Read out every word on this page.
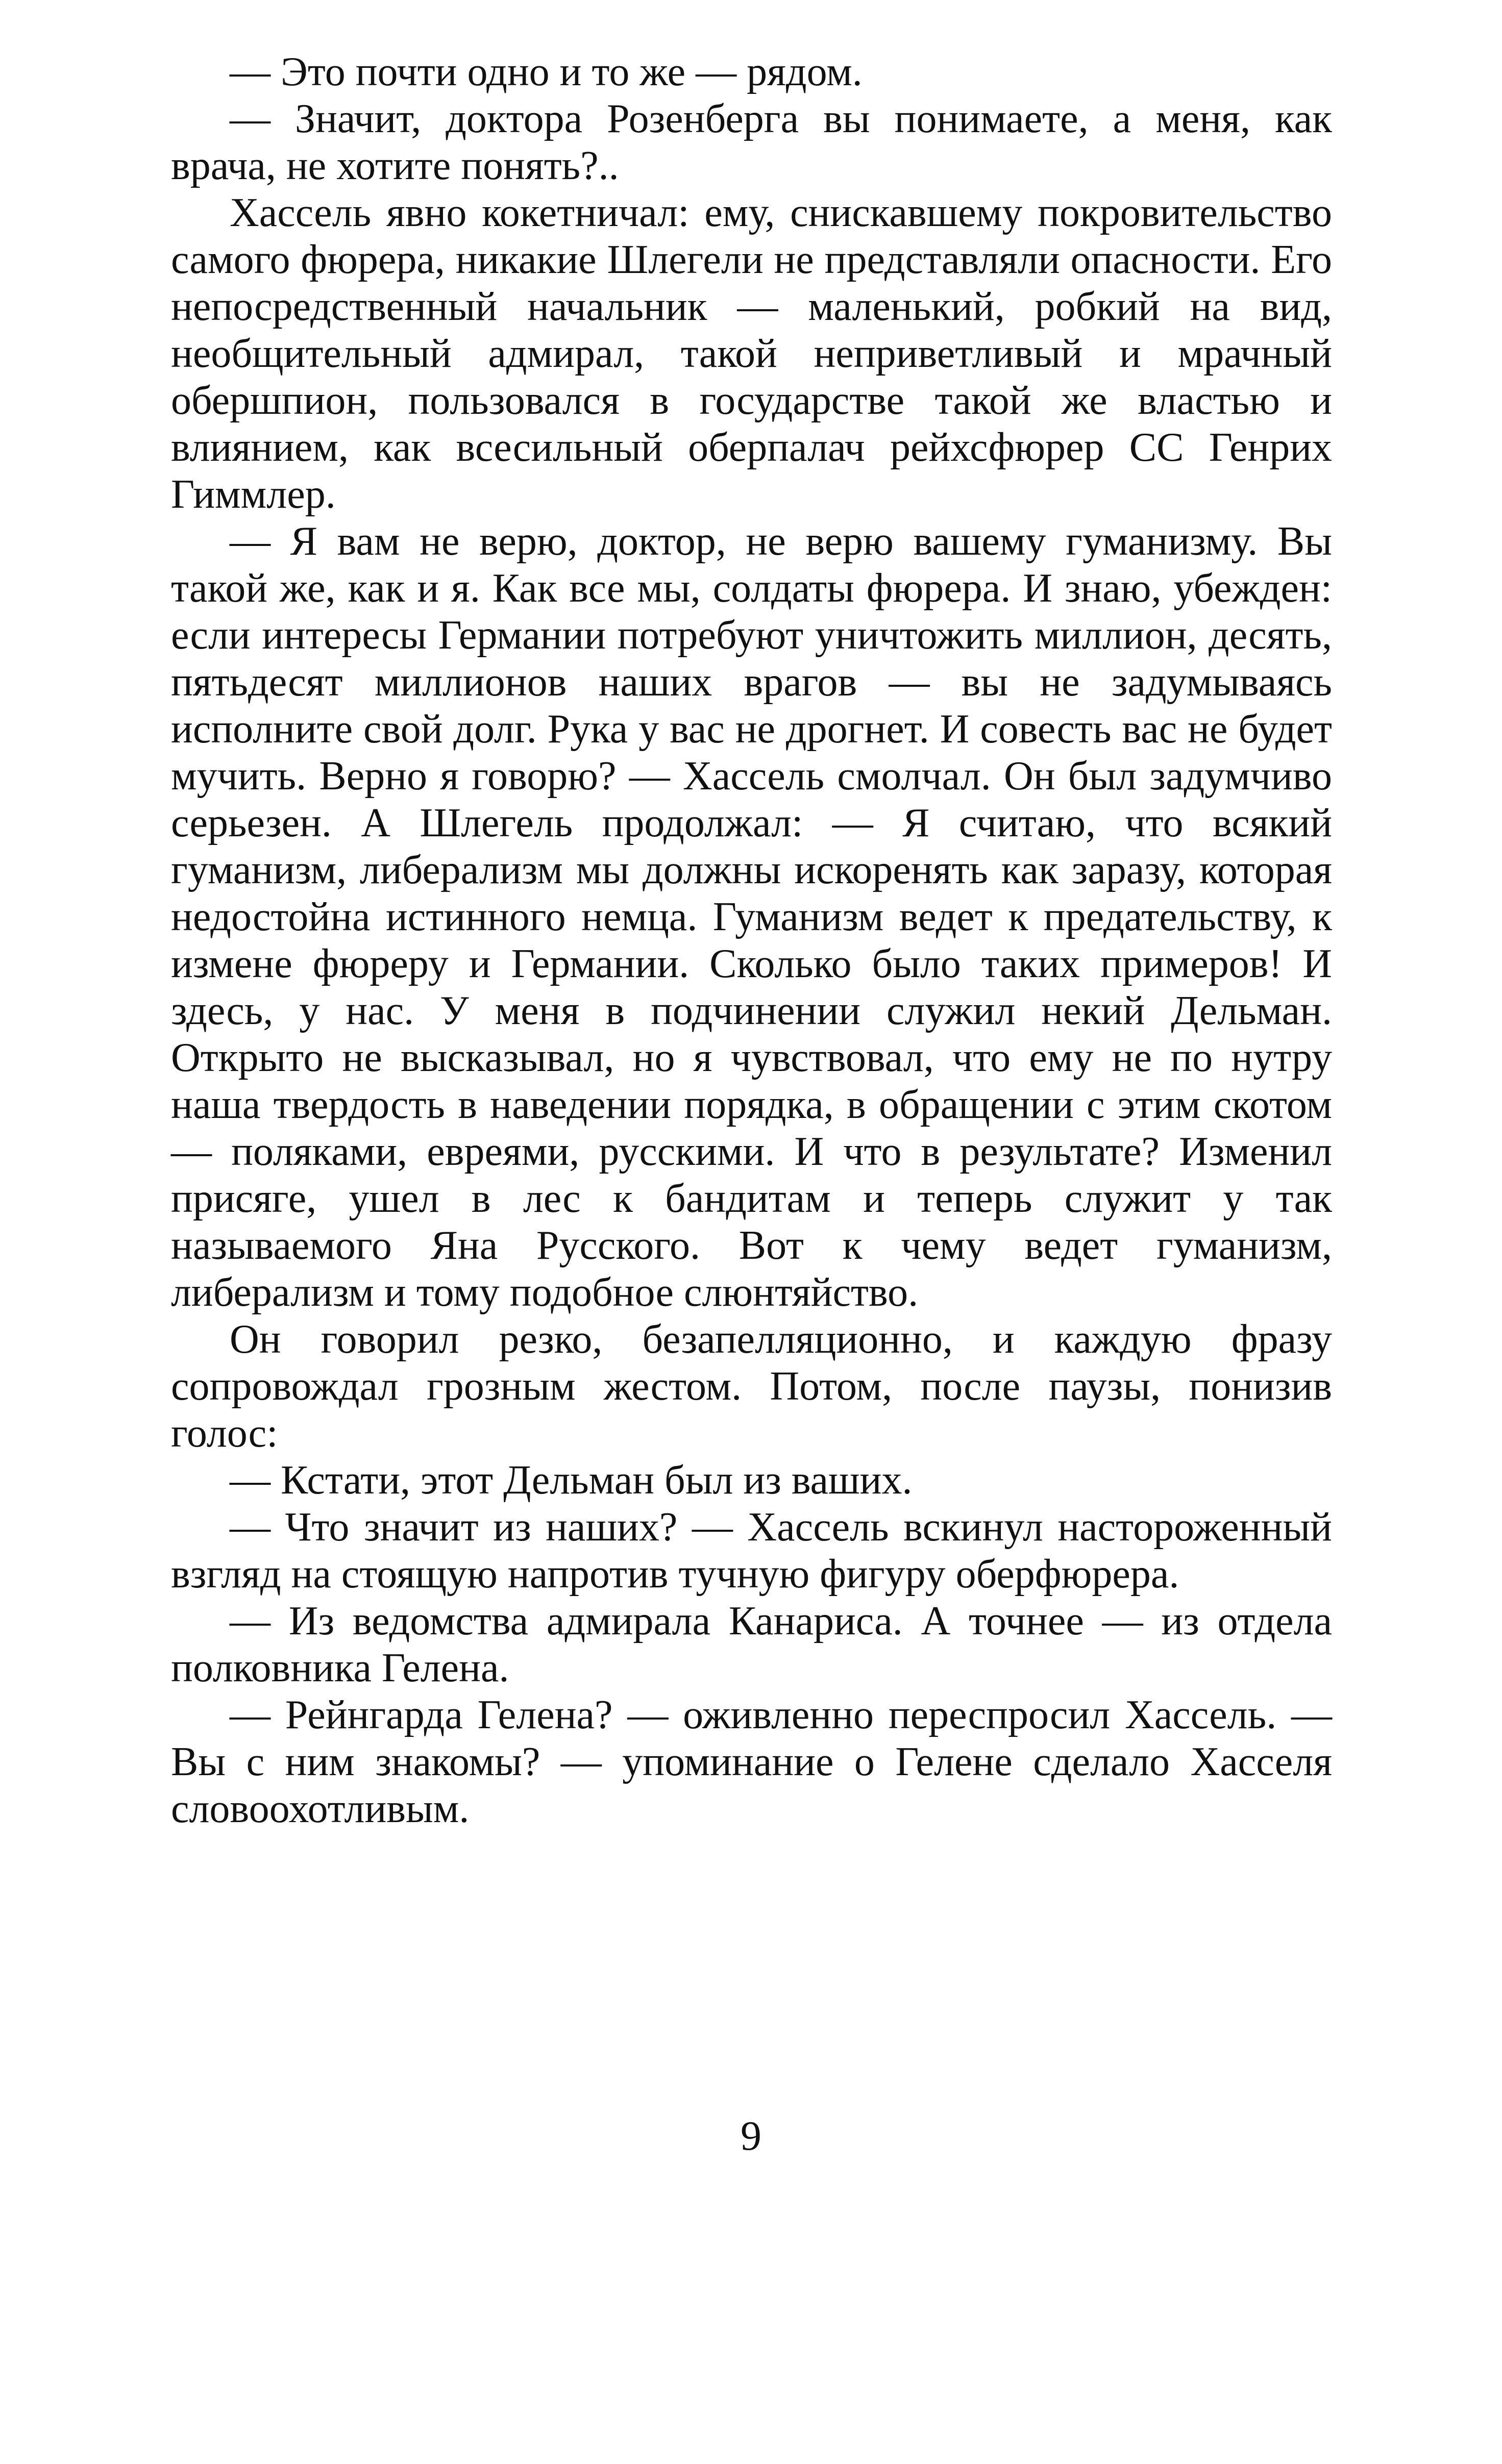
— Это почти одно и то же — рядом.

— Значит, доктора Розенберга вы понимаете, а меня, как врача, не хотите понять?..

Хассель явно кокетничал: ему, снискавшему покровительство самого фюрера, никакие Шлегели не представляли опасности. Его непосредственный начальник — маленький, робкий на вид, необщительный адмирал, такой неприветливый и мрачный обершпион, пользовался в государстве такой же властью и влиянием, как всесильный оберпалач рейхсфюрер СС Генрих Гиммлер.

— Я вам не верю, доктор, не верю вашему гуманизму. Вы такой же, как и я. Как все мы, солдаты фюрера. И знаю, убежден: если интересы Германии потребуют уничтожить миллион, десять, пятьдесят миллионов наших врагов — вы не задумываясь исполните свой долг. Рука у вас не дрогнет. И совесть вас не будет мучить. Верно я говорю? — Хассель смолчал. Он был задумчиво серьезен. А Шлегель продолжал: — Я считаю, что всякий гуманизм, либерализм мы должны искоренять как заразу, которая недостойна истинного немца. Гуманизм ведет к предательству, к измене фюреру и Германии. Сколько было таких примеров! И здесь, у нас. У меня в подчинении служил некий Дельман. Открыто не высказывал, но я чувствовал, что ему не по нутру наша твердость в наведении порядка, в обращении с этим скотом — поляками, евреями, русскими. И что в результате? Изменил присяге, ушел в лес к бандитам и теперь служит у так называемого Яна Русского. Вот к чему ведет гуманизм, либерализм и тому подобное слюнтяйство.

Он говорил резко, безапелляционно, и каждую фразу сопровождал грозным жестом. Потом, после паузы, понизив голос:

— Кстати, этот Дельман был из ваших.

— Что значит из наших? — Хассель вскинул настороженный взгляд на стоящую напротив тучную фигуру оберфюрера.

— Из ведомства адмирала Канариса. А точнее — из отдела полковника Гелена.

— Рейнгарда Гелена? — оживленно переспросил Хассель. — Вы с ним знакомы? — упоминание о Гелене сделало Хасселя словоохотливым.

9
